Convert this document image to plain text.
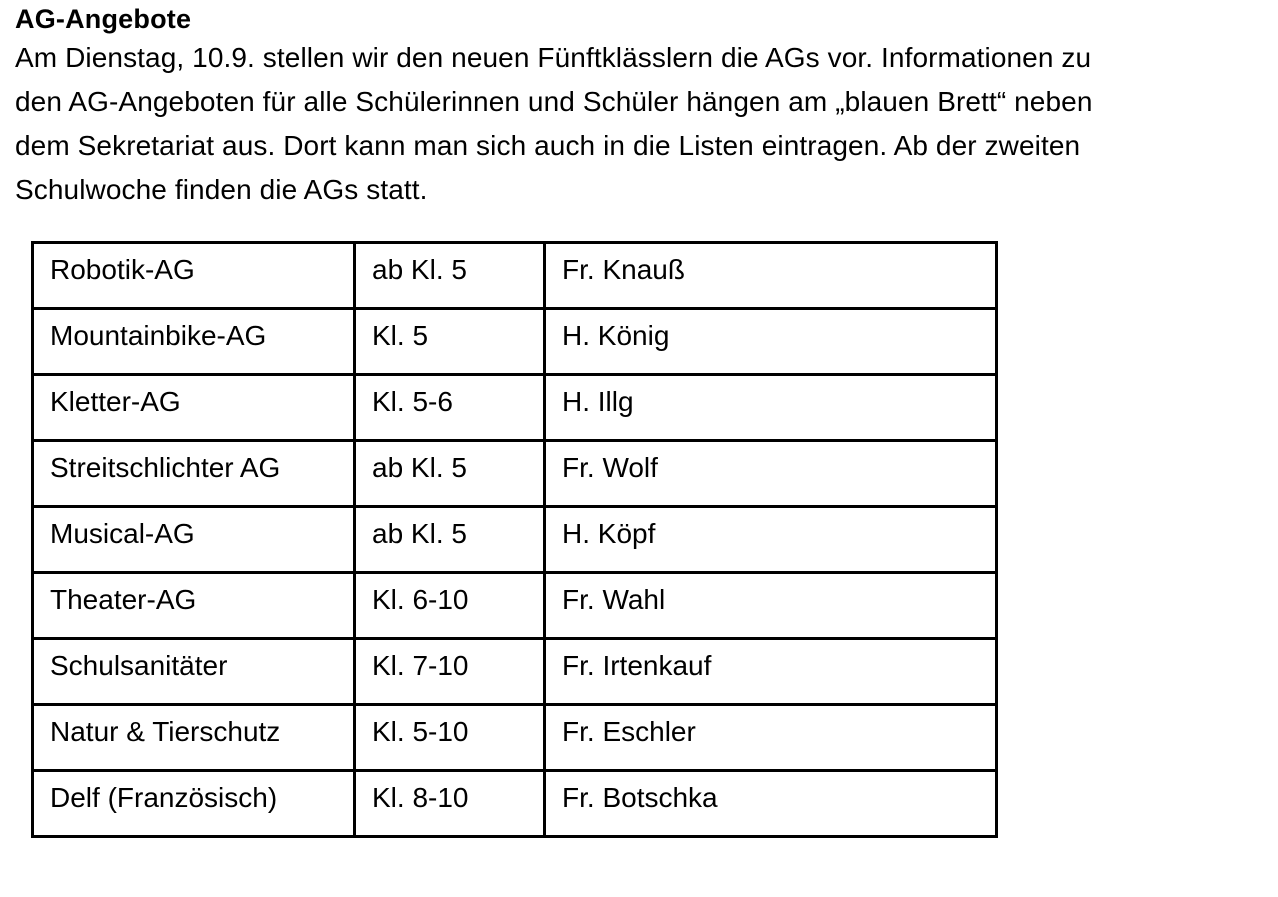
AG-Angebote

Am Dienstag, 10.9. stellen wir den neuen Fünftklässlern die AGs vor. Informationen zu
den AG-Angeboten für alle Schülerinnen und Schüler hängen am „blauen Brett“ neben
dem Sekretariat aus. Dort kann man sich auch in die Listen eintragen. Ab der zweiten
Schulwoche finden die AGs statt.

Robotik-AG	ab Kl. 5	Fr. Knauß
Mountainbike-AG	Kl. 5	H. König
Kletter-AG	Kl. 5-6	H. Illg
Streitschlichter AG	ab Kl. 5	Fr. Wolf
Musical-AG	ab Kl. 5	H. Köpf
Theater-AG	Kl. 6-10	Fr. Wahl
Schulsanitäter	Kl. 7-10	Fr. Irtenkauf
Natur & Tierschutz	Kl. 5-10	Fr. Eschler
Delf (Französisch)	Kl. 8-10	Fr. Botschka
